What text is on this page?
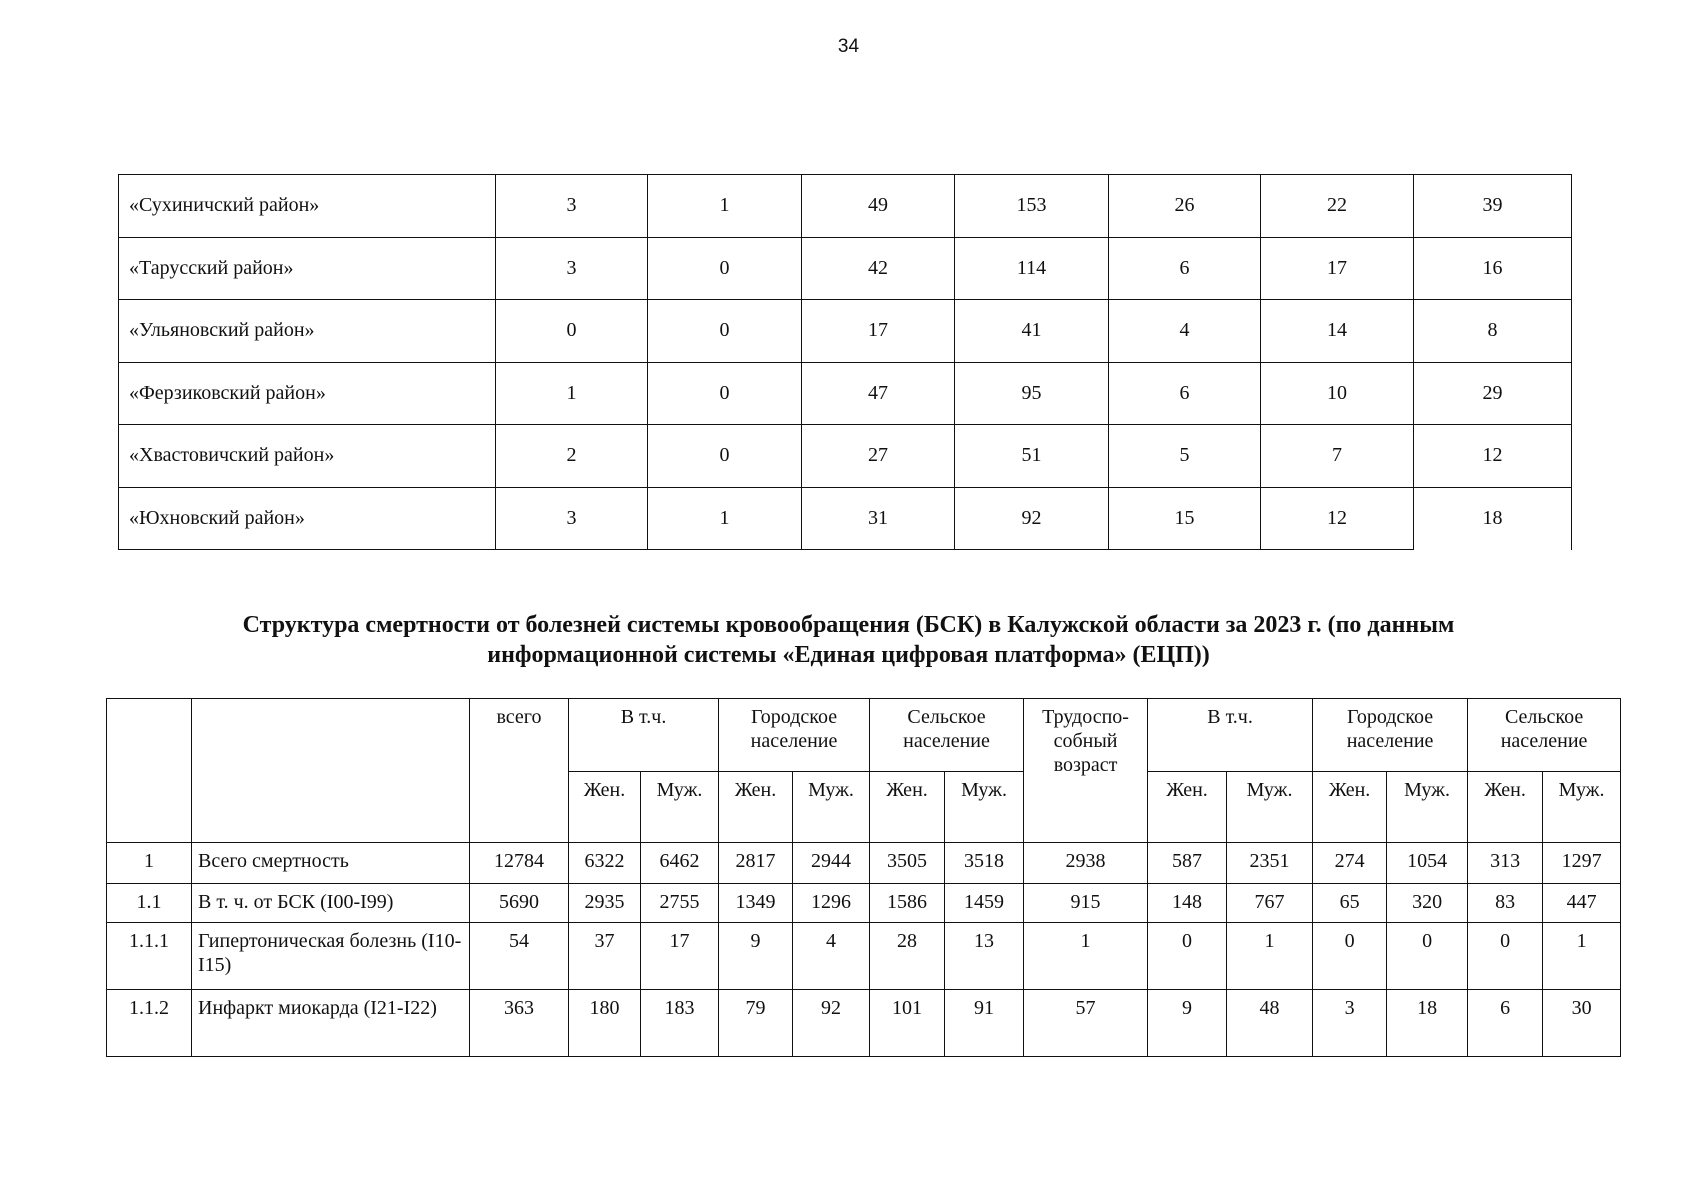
34
«Сухиничский район»	3	1	49	153	26	22	39
«Тарусский район»	3	0	42	114	6	17	16
«Ульяновский район»	0	0	17	41	4	14	8
«Ферзиковский район»	1	0	47	95	6	10	29
«Хвастовичский район»	2	0	27	51	5	7	12
«Юхновский район»	3	1	31	92	15	12	18
Структура смертности от болезней системы кровообращения (БСК) в Калужской области за 2023 г. (по данным
информационной системы «Единая цифровая платформа» (ЕЦП))
		всего	В т.ч.		Городское население		Сельское население		Трудоспо-собный возраст	В т.ч.		Городское население		Сельское население	
			Жен.	Муж.	Жен.	Муж.	Жен.	Муж.		Жен.	Муж.	Жен.	Муж.	Жен.	Муж.
1	Всего смертность	12784	6322	6462	2817	2944	3505	3518	2938	587	2351	274	1054	313	1297
1.1	В т. ч. от БСК (I00-I99)	5690	2935	2755	1349	1296	1586	1459	915	148	767	65	320	83	447
1.1.1	Гипертоническая болезнь (I10-I15)	54	37	17	9	4	28	13	1	0	1	0	0	0	1
1.1.2	Инфаркт миокарда (I21-I22)	363	180	183	79	92	101	91	57	9	48	3	18	6	30
